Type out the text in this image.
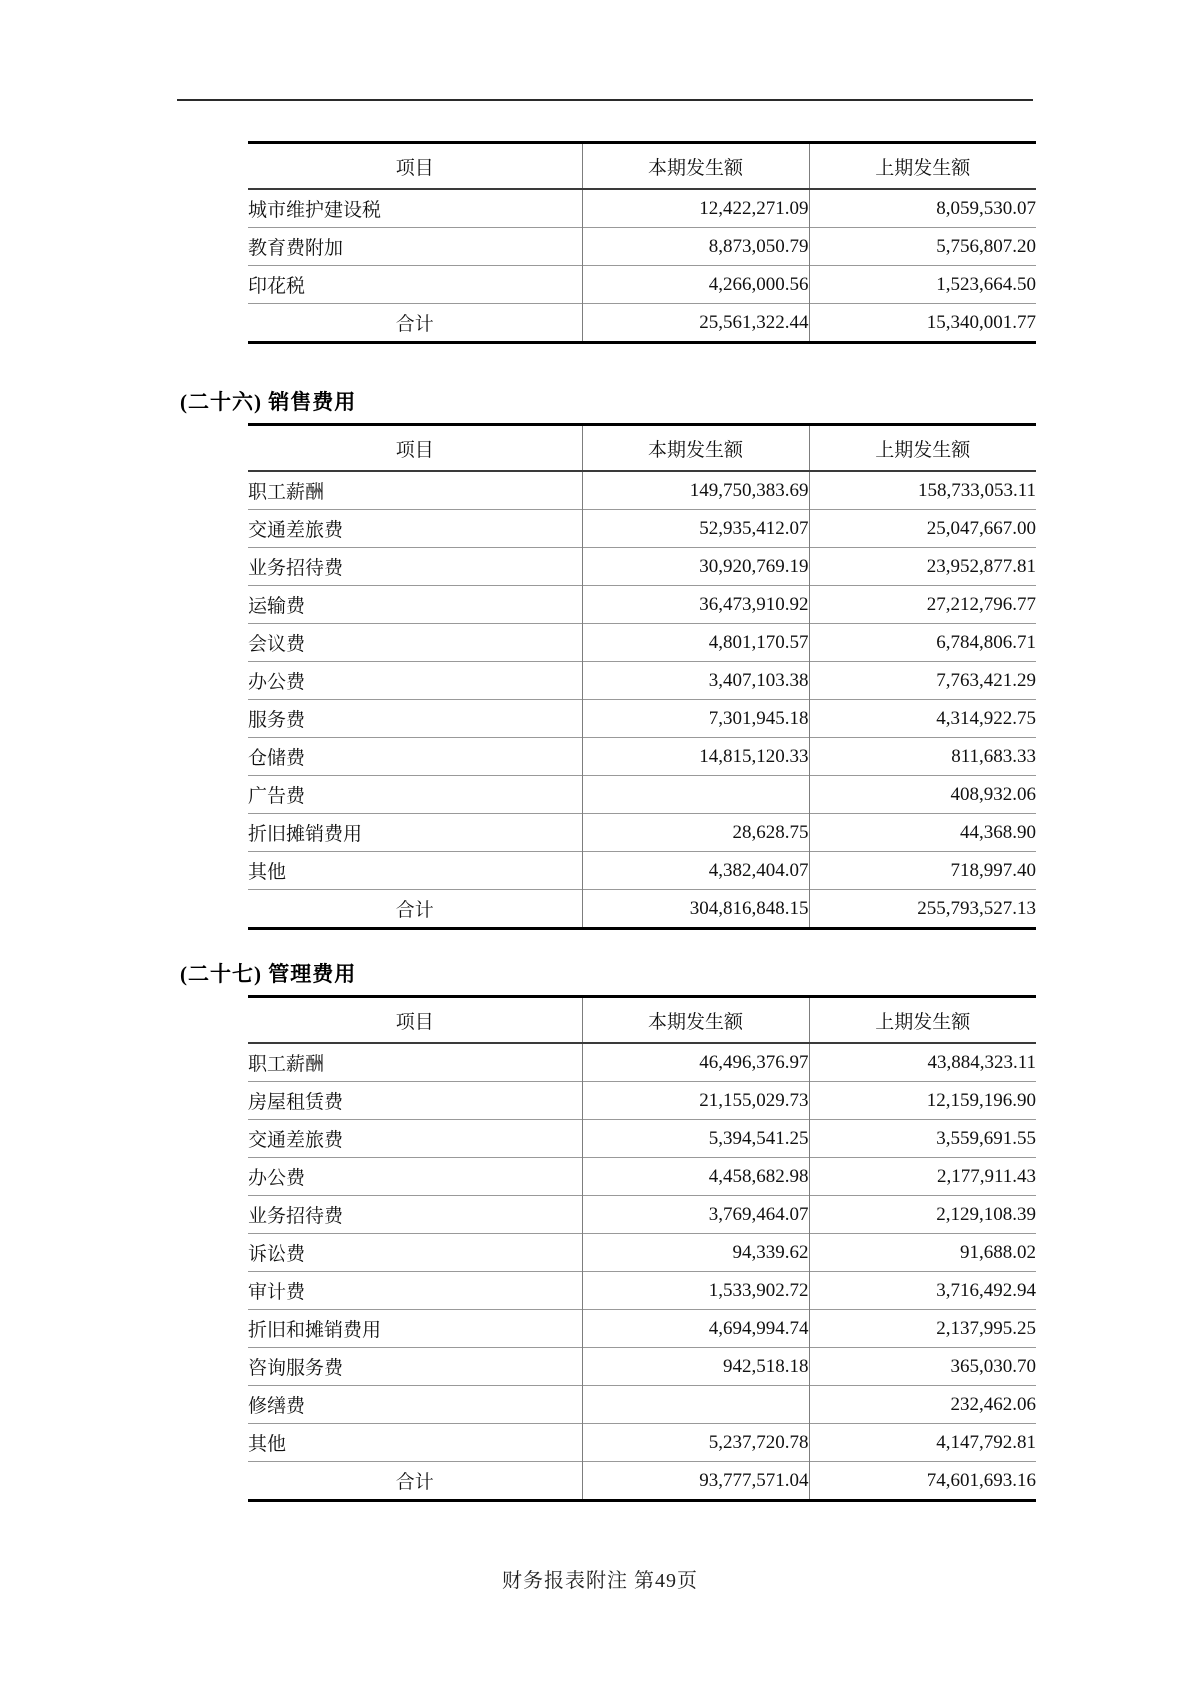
项目	本期发生额	上期发生额
城市维护建设税	12,422,271.09	8,059,530.07
教育费附加	8,873,050.79	5,756,807.20
印花税	4,266,000.56	1,523,664.50
合计	25,561,322.44	15,340,001.77
(二十六) 销售费用
项目	本期发生额	上期发生额
职工薪酬	149,750,383.69	158,733,053.11
交通差旅费	52,935,412.07	25,047,667.00
业务招待费	30,920,769.19	23,952,877.81
运输费	36,473,910.92	27,212,796.77
会议费	4,801,170.57	6,784,806.71
办公费	3,407,103.38	7,763,421.29
服务费	7,301,945.18	4,314,922.75
仓储费	14,815,120.33	811,683.33
广告费		408,932.06
折旧摊销费用	28,628.75	44,368.90
其他	4,382,404.07	718,997.40
合计	304,816,848.15	255,793,527.13
(二十七) 管理费用
项目	本期发生额	上期发生额
职工薪酬	46,496,376.97	43,884,323.11
房屋租赁费	21,155,029.73	12,159,196.90
交通差旅费	5,394,541.25	3,559,691.55
办公费	4,458,682.98	2,177,911.43
业务招待费	3,769,464.07	2,129,108.39
诉讼费	94,339.62	91,688.02
审计费	1,533,902.72	3,716,492.94
折旧和摊销费用	4,694,994.74	2,137,995.25
咨询服务费	942,518.18	365,030.70
修缮费		232,462.06
其他	5,237,720.78	4,147,792.81
合计	93,777,571.04	74,601,693.16
财务报表附注 第49页
